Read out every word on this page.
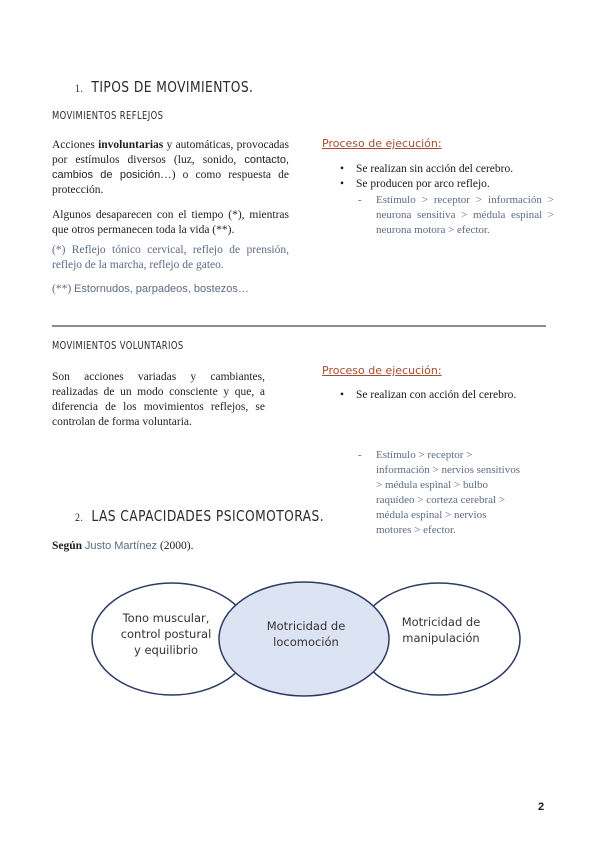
1. TIPOS DE MOVIMIENTOS.
MOVIMIENTOS REFLEJOS
Acciones involuntarias y automáticas, provocadas por estímulos diversos (luz, sonido, contacto, cambios de posición…) o como respuesta de protección.
Algunos desaparecen con el tiempo (*), mientras que otros permanecen toda la vida (**).
(*) Reflejo tónico cervical, reflejo de prensión, reflejo de la marcha, reflejo de gateo.
(**) Estornudos, parpadeos, bostezos…
Proceso de ejecución:
• Se realizan sin acción del cerebro.
• Se producen por arco reflejo.
- Estímulo > receptor > información > neurona sensitiva > médula espinal > neurona motora > efector.
MOVIMIENTOS VOLUNTARIOS
Son acciones variadas y cambiantes, realizadas de un modo consciente y que, a diferencia de los movimientos reflejos, se controlan de forma voluntaria.
Proceso de ejecución:
• Se realizan con acción del cerebro.
- Estímulo > receptor >
información > nervios sensitivos
> médula espinal > bulbo
raquídeo > corteza cerebral >
médula espinal > nervios
motores > efector.
2. LAS CAPACIDADES PSICOMOTORAS.
Según Justo Martínez (2000).
Tono muscular,
control postural
y equilibrio
Motricidad de
locomoción
Motricidad de
manipulación
2
